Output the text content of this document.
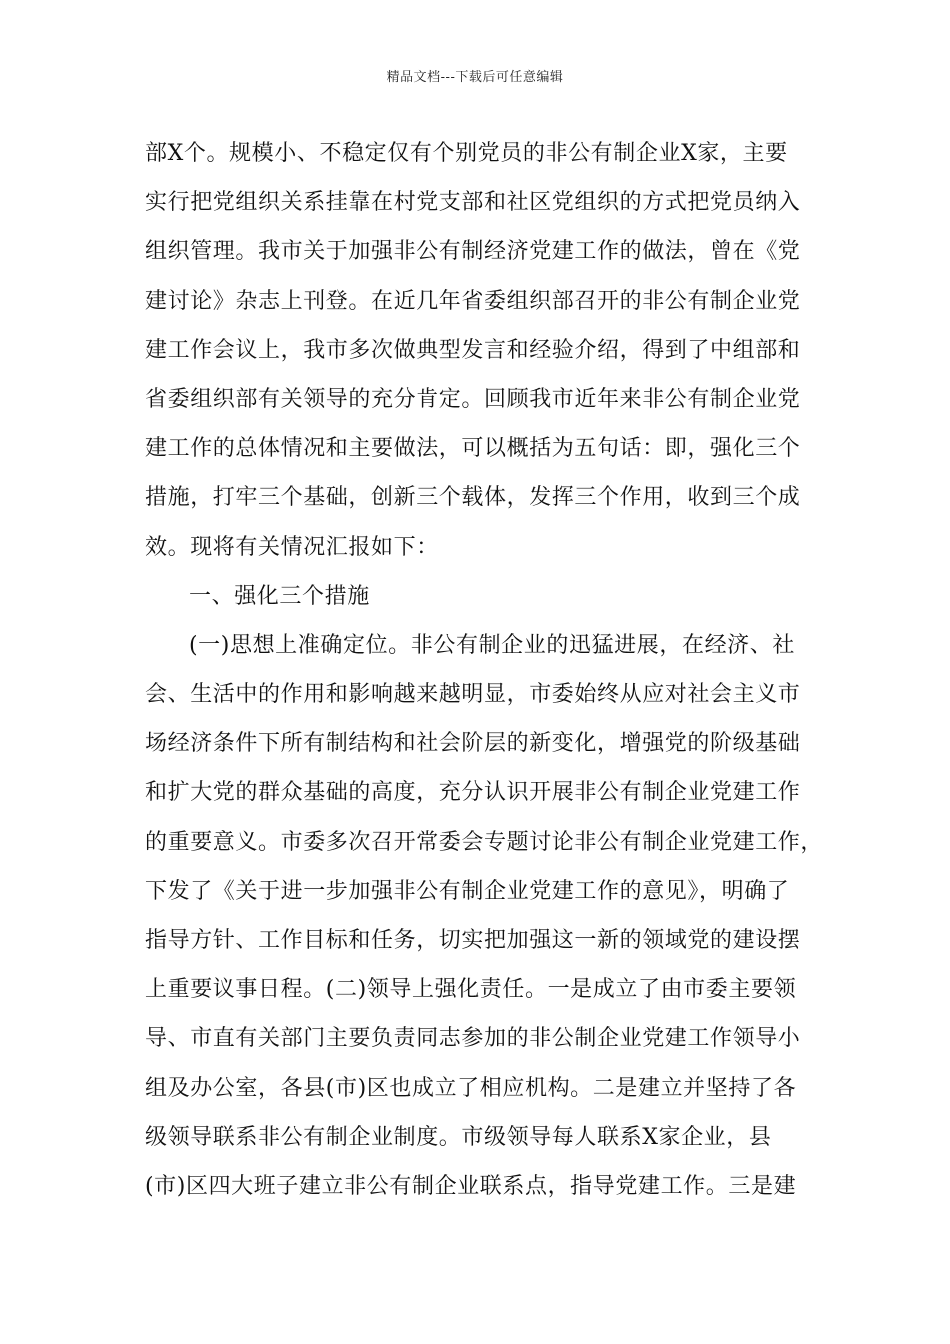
精品文档---下载后可任意编辑
部X个。规模小、不稳定仅有个别党员的非公有制企业X家，主要
实行把党组织关系挂靠在村党支部和社区党组织的方式把党员纳入
组织管理。我市关于加强非公有制经济党建工作的做法，曾在《党
建讨论》杂志上刊登。在近几年省委组织部召开的非公有制企业党
建工作会议上，我市多次做典型发言和经验介绍，得到了中组部和
省委组织部有关领导的充分肯定。回顾我市近年来非公有制企业党
建工作的总体情况和主要做法，可以概括为五句话：即，强化三个
措施，打牢三个基础，创新三个载体，发挥三个作用，收到三个成
效。现将有关情况汇报如下：
一、强化三个措施
(一)思想上准确定位。非公有制企业的迅猛进展，在经济、社
会、生活中的作用和影响越来越明显，市委始终从应对社会主义市
场经济条件下所有制结构和社会阶层的新变化，增强党的阶级基础
和扩大党的群众基础的高度，充分认识开展非公有制企业党建工作
的重要意义。市委多次召开常委会专题讨论非公有制企业党建工作，
下发了《关于进一步加强非公有制企业党建工作的意见》，明确了
指导方针、工作目标和任务，切实把加强这一新的领域党的建设摆
上重要议事日程。(二)领导上强化责任。一是成立了由市委主要领
导、市直有关部门主要负责同志参加的非公制企业党建工作领导小
组及办公室，各县(市)区也成立了相应机构。二是建立并坚持了各
级领导联系非公有制企业制度。市级领导每人联系X家企业，县
(市)区四大班子建立非公有制企业联系点，指导党建工作。三是建
